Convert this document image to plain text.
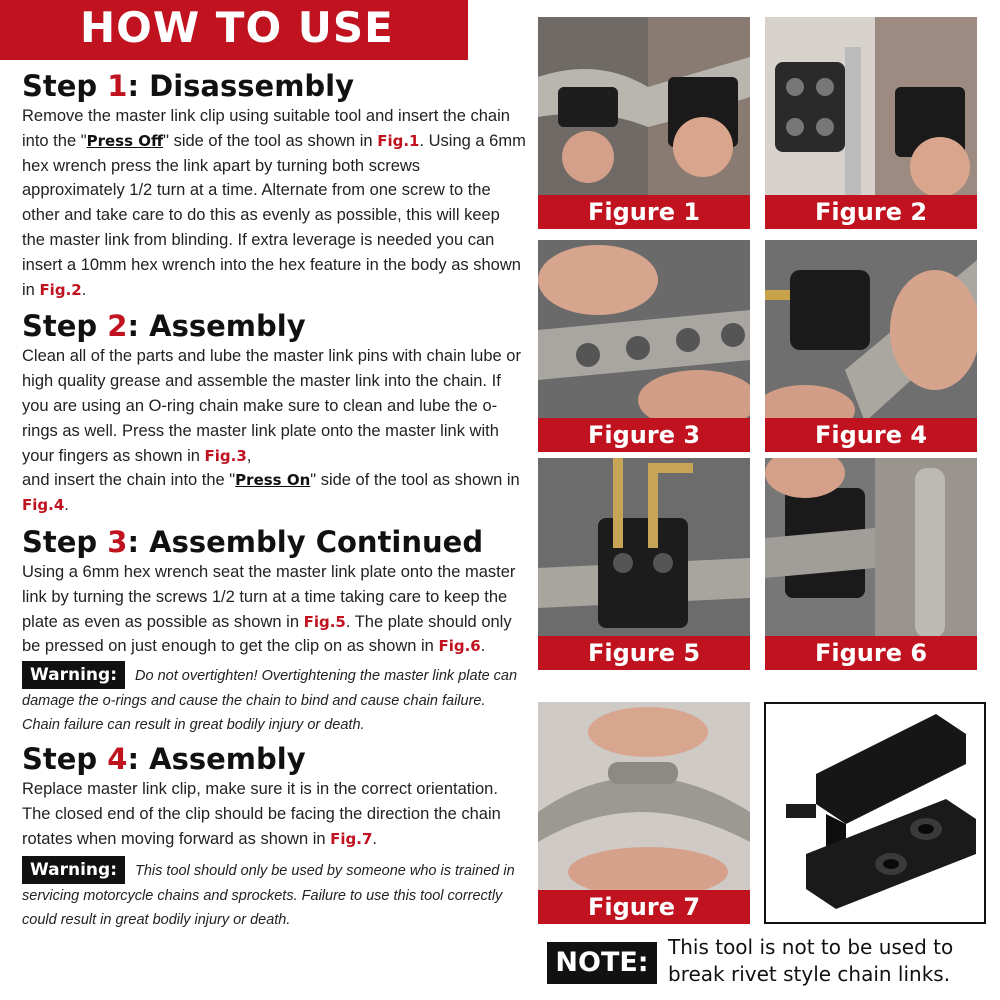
HOW TO USE
Step 1: Disassembly

Remove the master link clip using suitable tool and insert the chain into the "Press Off" side of the tool as shown in Fig.1. Using a 6mm hex wrench press the link apart by turning both screws approximately 1/2 turn at a time. Alternate from one screw to the other and take care to do this as evenly as possible, this will keep the master link from blinding. If extra leverage is needed you can insert a 10mm hex wrench into the hex feature in the body as shown in Fig.2.

Step 2: Assembly

Clean all of the parts and lube the master link pins with chain lube or high quality grease and assemble the master link into the chain. If you are using an O-ring chain make sure to clean and lube the o-rings as well. Press the master link plate onto the master link with your fingers as shown in Fig.3,
and insert the chain into the "Press On" side of the tool as shown in Fig.4.

Step 3: Assembly Continued

Using a 6mm hex wrench seat the master link plate onto the master link by turning the screws 1/2 turn at a time taking care to keep the plate as even as possible as shown in Fig.5. The plate should only be pressed on just enough to get the clip on as shown in Fig.6.

Warning: Do not overtighten! Overtightening the master link plate can damage the o-rings and cause the chain to bind and cause chain failure. Chain failure can result in great bodily injury or death.

Step 4: Assembly

Replace master link clip, make sure it is in the correct orientation. The closed end of the clip should be facing the direction the chain rotates when moving forward as shown in Fig.7.

Warning: This tool should only be used by someone who is trained in servicing motorcycle chains and sprockets. Failure to use this tool correctly could result in great bodily injury or death.

Figure 1	Figure 2
Figure 3	Figure 4
Figure 5	Figure 6
Figure 7
NOTE: This tool is not to be used to
break rivet style chain links.
